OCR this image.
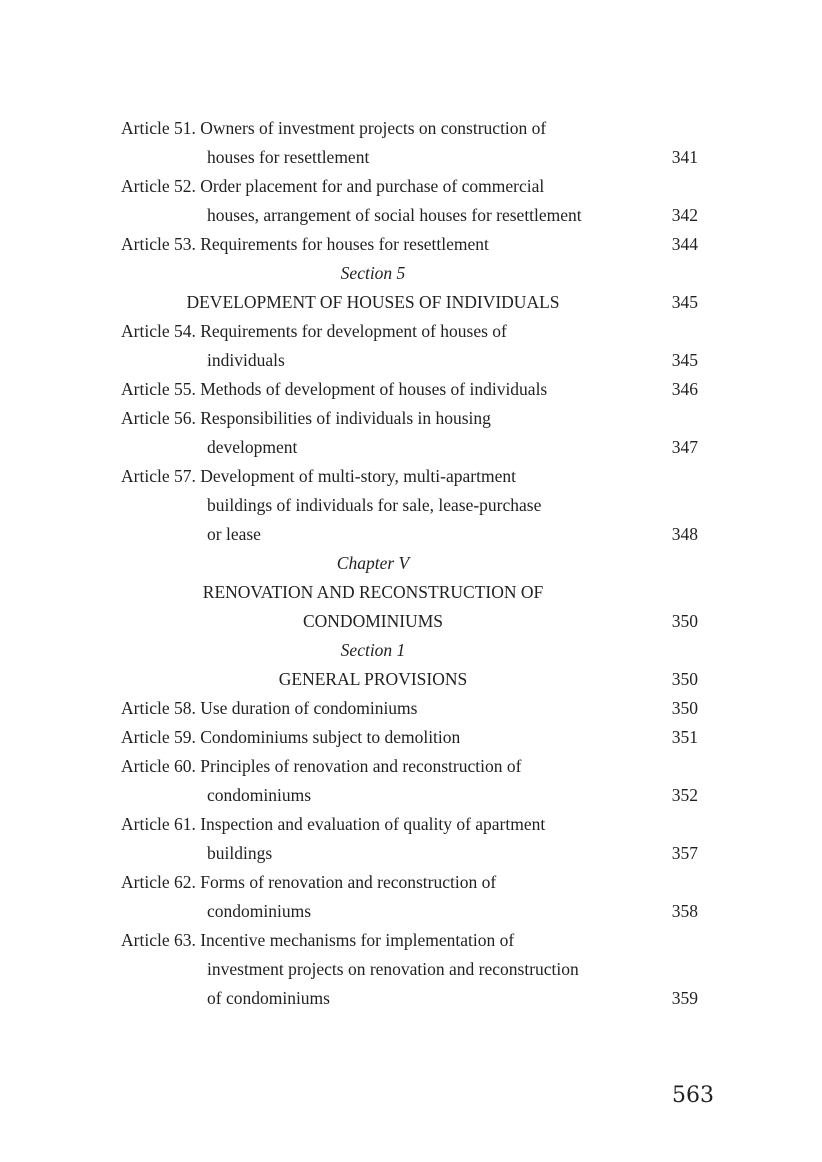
Article 51. Owners of investment projects on construction of
houses for resettlement	341
Article 52. Order placement for and purchase of commercial
houses, arrangement of social houses for resettlement	342
Article 53. Requirements for houses for resettlement	344
Section 5
DEVELOPMENT OF HOUSES OF INDIVIDUALS	345
Article 54. Requirements for development of houses of
individuals	345
Article 55. Methods of development of houses of individuals	346
Article 56. Responsibilities of individuals in housing
development	347
Article 57. Development of multi-story, multi-apartment
buildings of individuals for sale, lease-purchase
or lease	348
Chapter V
RENOVATION AND RECONSTRUCTION OF
CONDOMINIUMS	350
Section 1
GENERAL PROVISIONS	350
Article 58. Use duration of condominiums	350
Article 59. Condominiums subject to demolition	351
Article 60. Principles of renovation and reconstruction of
condominiums	352
Article 61. Inspection and evaluation of quality of apartment
buildings	357
Article 62. Forms of renovation and reconstruction of
condominiums	358
Article 63. Incentive mechanisms for implementation of
investment projects on renovation and reconstruction
of condominiums	359
563
